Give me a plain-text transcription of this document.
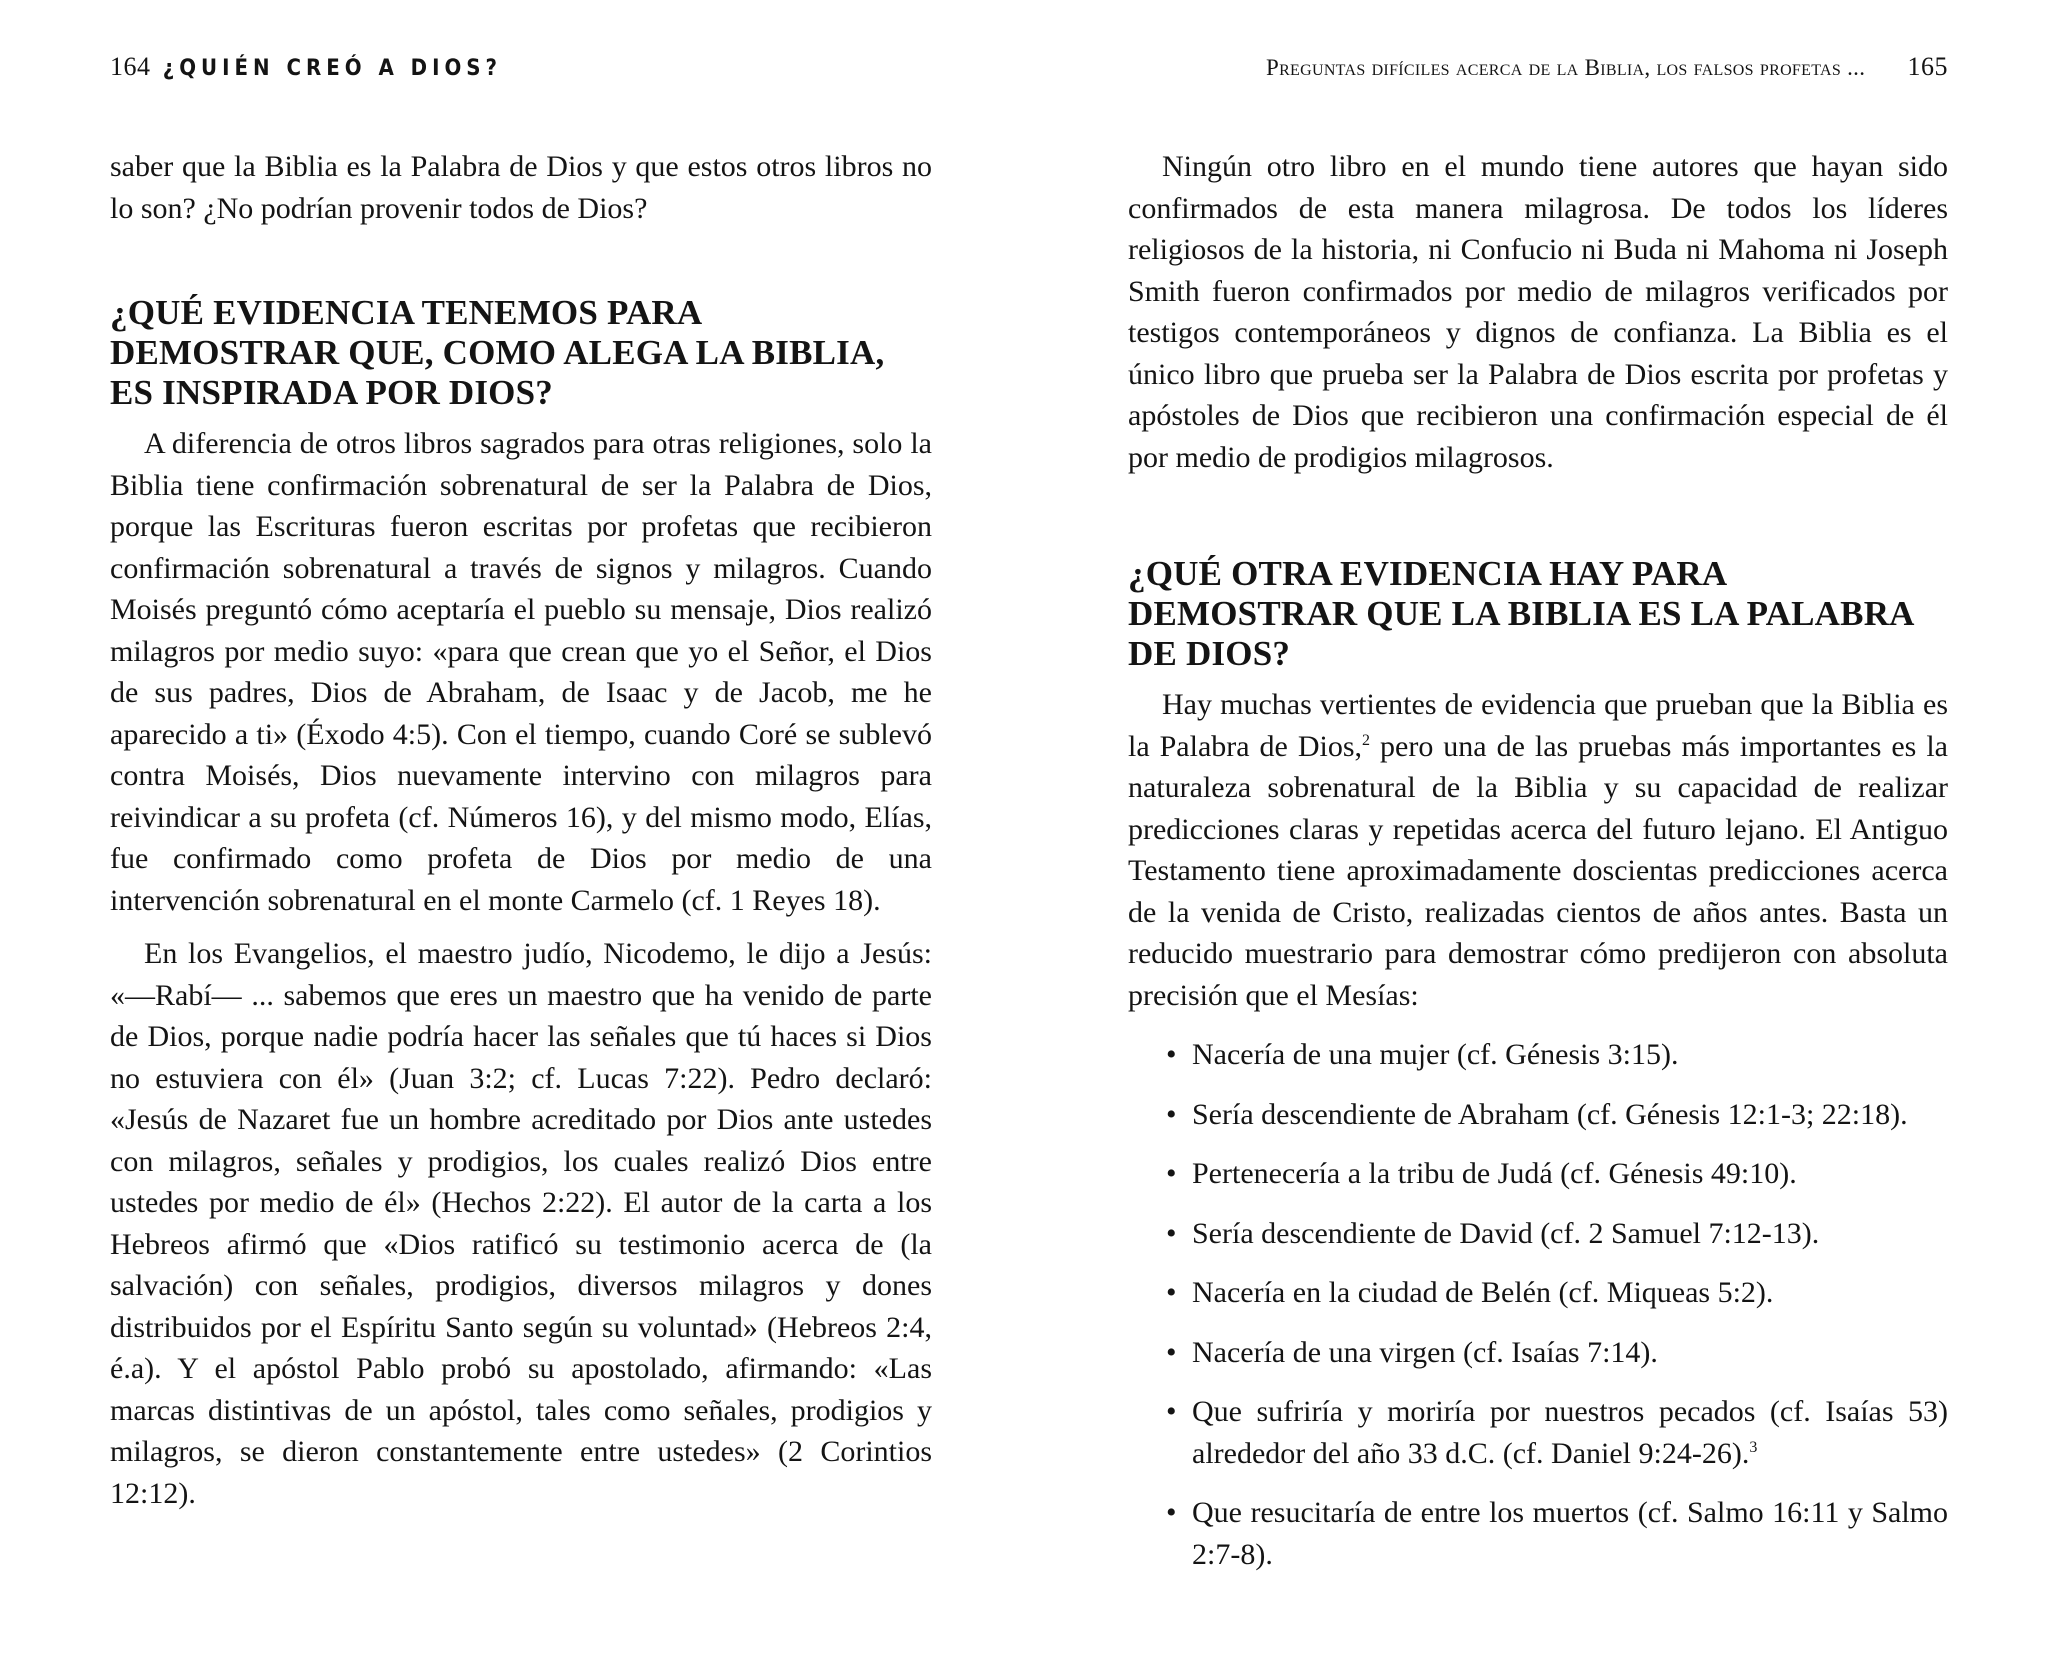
164 ¿QUIÉN CREÓ A DIOS?

saber que la Biblia es la Palabra de Dios y que estos otros libros no lo son? ¿No podrían provenir todos de Dios?

¿QUÉ EVIDENCIA TENEMOS PARA DEMOSTRAR QUE, COMO ALEGA LA BIBLIA, ES INSPIRADA POR DIOS?

A diferencia de otros libros sagrados para otras religiones, solo la Biblia tiene confirmación sobrenatural de ser la Palabra de Dios, porque las Escrituras fueron escritas por profetas que recibieron confirmación sobrenatural a través de signos y milagros. Cuando Moisés preguntó cómo aceptaría el pueblo su mensaje, Dios realizó milagros por medio suyo: «para que crean que yo el Señor, el Dios de sus padres, Dios de Abraham, de Isaac y de Jacob, me he aparecido a ti» (Éxodo 4:5). Con el tiempo, cuando Coré se sublevó contra Moisés, Dios nuevamente intervino con milagros para reivindicar a su profeta (cf. Números 16), y del mismo modo, Elías, fue confirmado como profeta de Dios por medio de una intervención sobrenatural en el monte Carmelo (cf. 1 Reyes 18).

En los Evangelios, el maestro judío, Nicodemo, le dijo a Jesús: «—Rabí— ... sabemos que eres un maestro que ha venido de parte de Dios, porque nadie podría hacer las señales que tú haces si Dios no estuviera con él» (Juan 3:2; cf. Lucas 7:22). Pedro declaró: «Jesús de Nazaret fue un hombre acreditado por Dios ante ustedes con milagros, señales y prodigios, los cuales realizó Dios entre ustedes por medio de él» (Hechos 2:22). El autor de la carta a los Hebreos afirmó que «Dios ratificó su testimonio acerca de (la salvación) con señales, prodigios, diversos milagros y dones distribuidos por el Espíritu Santo según su voluntad» (Hebreos 2:4, é.a). Y el apóstol Pablo probó su apostolado, afirmando: «Las marcas distintivas de un apóstol, tales como señales, prodigios y milagros, se dieron constantemente entre ustedes» (2 Corintios 12:12).

Preguntas difíciles acerca de la Biblia, los falsos profetas ... 165

Ningún otro libro en el mundo tiene autores que hayan sido confirmados de esta manera milagrosa. De todos los líderes religiosos de la historia, ni Confucio ni Buda ni Mahoma ni Joseph Smith fueron confirmados por medio de milagros verificados por testigos contemporáneos y dignos de confianza. La Biblia es el único libro que prueba ser la Palabra de Dios escrita por profetas y apóstoles de Dios que recibieron una confirmación especial de él por medio de prodigios milagrosos.

¿QUÉ OTRA EVIDENCIA HAY PARA DEMOSTRAR QUE LA BIBLIA ES LA PALABRA DE DIOS?

Hay muchas vertientes de evidencia que prueban que la Biblia es la Palabra de Dios,$^2$ pero una de las pruebas más importantes es la naturaleza sobrenatural de la Biblia y su capacidad de realizar predicciones claras y repetidas acerca del futuro lejano. El Antiguo Testamento tiene aproximadamente doscientas predicciones acerca de la venida de Cristo, realizadas cientos de años antes. Basta un reducido muestrario para demostrar cómo predijeron con absoluta precisión que el Mesías:

• Nacería de una mujer (cf. Génesis 3:15).
• Sería descendiente de Abraham (cf. Génesis 12:1-3; 22:18).
• Pertenecería a la tribu de Judá (cf. Génesis 49:10).
• Sería descendiente de David (cf. 2 Samuel 7:12-13).
• Nacería en la ciudad de Belén (cf. Miqueas 5:2).
• Nacería de una virgen (cf. Isaías 7:14).
• Que sufriría y moriría por nuestros pecados (cf. Isaías 53) alrededor del año 33 d.C. (cf. Daniel 9:24-26).$^3$
• Que resucitaría de entre los muertos (cf. Salmo 16:11 y Salmo 2:7-8).
